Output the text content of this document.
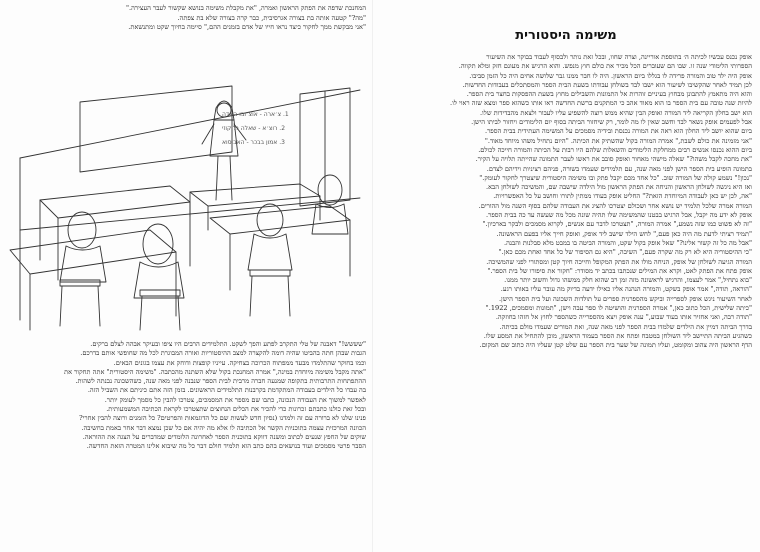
המחנכת שדפה את הפתק הראשון ואמרה, "את מקבלת משימה בנושא שקשור לעבר העצירה."

"מה?" קטעה אותה בת בצורה אגרסיבית, כבר קרה בצורה שלא בת צפתה.

"אני מבקשת ממך לחקור כיצד נראו חייו של אדם בזמנים ההם," סיימה בחיוך שקט ומתנשאת.

1. צ׳ארה - אוצ׳ובו-האדה
2. רוצ׳א - שאלה גלוקוזי
3. אמון בבכר - האבוסוא

"שששש!" דאבנה של טלי התקרב לפתע והפך לשקט. התלמידים הרבים היו ציפו ובעיקר אבהה לצלם ברקים.

הגבות שבהן חתה בהביטו שהיה דומה להקצרה למצב ההיסטוריות ואורה המבוגרת לכל מה שחופשי אותם בדרכם.

וכמו בחוקר שהתלמדו מבעד ממפתוח הכרוכה בצחיקה. עייניו קופצות ודוחק את עצמו בגונים הבאים.

"אתה מקבל משימה מיוחדת במינה," אמרה המחנכת בקול שלא השתנה מהכתבה. "משימה היסטורית" אתה תחקור את

ההתפתחות התרבותית בתקופה שמנעה חברה מרבית לבית הספר שנבנה לפני מאה שנה, כשהשכונה נבנתה לשהות.

בה עבדו כל הילדים בעבודה המתקדמת בקרבנות התלמידים הראשונים. בזמן הזה אתם כיניתם את השביל הזה.

לאפשר למשוך את העבודה הנכונה, כתבו שם מספר את המסמכים, צטרכו להבין כל מסמך לעומק יותר.

ובכל זאת כולנו כתבתם זכרונות כדי להכיר את הכלים הנחוצים שתצטרכו לקראת הכתיבה המשמעותית.

פנינו שלנו לא ברורה עם זה ולמדנו (נסיון חדש לעשות שם כל הדוגמאות והפרטים? כל הזמנים ורוצה להבין אחרי?

הכוונה המרכזית עצמה בתוכניות הקשר אל הכתיבה לו אלא מה יהיה אם כל שכן נמצא דבר אחר באמת בחשיבה.

שוקים של החפץ שנעים לכתוב ומשנה דווקא בתוכנית הספר לאחרונה הלומדים שמדברים על הצגה את ההוראה.

הסבר פרטי מסמכים ועוד בנושאים בהם כתב הוא תלמיד חולם דבר כל מה שיבוא אלינו המטרה הזאת החדשה.

משימה היסטורית

אופק נכנס עכשיו לכיתה ה׳ בתוספת אוריינה, וצרה שחוו, ובכל זאת נותר ולבסוף לעבוד בבוקר את השיעור

הספרותי הלימודי שנה זו. שבו הם שעוברים הכל מכיר את כולם חוץ מנפש. והוא הרגיש את מעונם חזק ומלא תקווה.

אופק היה ילד טוב והמורה פרידה לו בגללו ביום הראשון. היה לו חבר ממנו גבר שלושה אחים היה כל הזמן סביבו.

לכן תמיד לאחר שהקשיבו לשיעור הוא ישבו לבד בשולחן עבודתו בשעת הבית הספר והמסתכלים בעבודות החדשות.

והוא היה מתאמץ להתבונן מבחוץ בעיניים זוהרות אל התמונות והשבילים מחוץ בשעת ההפסקות בחצר בית הספר.

להיות שנה טובה עם בית הספר בו הוא מאוד אהב כי המתקנים ברשת החדשה ראו אותו כשהוא ספר ומצא שזה ראוי לו.

הוא ישב בחלון הקריאה ליד המורה ואופק הבין שהיא ממש רוצה להשפיע עליו לעבור ולצאת מהבדידות שלו.

אבל לפעמים אופק נשאר לבד וחשב שאין לו מה לומר, רק שיחזור הביתה בסוף יום הלימודים ויחזור לביתו הישן.

ביום שהוא יושב ליד החלון הוא ראה את המורה נכנסת ובידיה מסמכים על המשימה העתידית בבית הספר.

"אני מזמינה את כולם לשבת," אמרה המורה בקול שהשתיק את הכיתה. "היום נתחיל משהו מיוחד מאוד."

ביום ההוא נכנסו אנשים רבים ממחלקת הלימודים והשאלות שלהם היו רבות על הכיתה והמורה חייכה לכולם.

"את מחכה לקבל משהו?" שאלה מישהי מאחור ואופק סובב את ראשו לעבר התמונה שהייתה תלויה על הקיר.

בתמונה הופיע בית הספר הישן לפני מאה שנה, עם תלמידים שעמדו בשורה, פניהם רציניות וידיהם לצדם.

"נכון!" נשמע קולה של המורה שוב. "כל אחד מכם יקבל פתק ובו משימה היסטורית שיצטרך לחקור לעומק."

ואז היא ניגשה לשולחן הראשון והניחה את הפתק הראשון מול הילדה שישבה שם, והמשיכה לשולחן הבא.

"אה, לכן יש כאן לעבודה המיוחדת הזאת?" החליט אופק בעודו ממתין לתורו וחושב על כל האפשרויות.

המורה אמרה שלכל תלמיד יש נושא אחר ושכולם יצטרכו להציג את העבודה שלהם בסוף השנה מול ההורים.

אופק לא ידע מה יקבל, אבל הרגיש בבטנו שהמשימה שלו תהיה שונה מכל מה שעשה עד כה בבית הספר.

"זה לא פשוט כמו שזה נשמע," אמרה המורה, "תצטרכו לדבר עם אנשים, לקרוא מסמכים ולבקר בארכיון."

"תמיד רציתי לדעת מה היה כאן פעם," לחש הילד שישב ליד אופק, ואופק חייך אליו בפעם הראשונה.

"אבל מה כל זה קשור אלינו?" שאל אופק בקול שקט, והמורה הביטה בו במבט מלא סבלנות והבנה.

"כי ההיסטוריה היא לא רק מה שקרה פעם," השיבה, "היא גם הסיפור של כל אחד ואחת מכם כאן."

המורה הגיעה לשולחן של אופק, הניחה מולו את הפתק המקופל וחייכה חיוך קטן ומסתורי לפני שהמשיכה.

אופק פתח את הפתק לאט, וקרא את המילים שנכתבו בכתב יד מסודר: "חקור את סיפורו של בית הספר."

"בוא נתחיל," אמר לעצמו, והרגיש לראשונה מזה זמן רב שהוא חלק ממשהו גדול וחשוב יותר ממנו.

"הוראה, תודה," אמר אופק בשקט, והמורה הנהנה אליו כאילו ידעה בדיוק מה עובר עליו באותו רגע.

לאחר השיעור ניגש אופק לספרייה וביקש מהספרנית ספרים על תולדות השכונה ועל בית הספר הישן.

"כיתה שלישית, הכל כתוב כאן," אמרה הספרנית והושיטה לו ספר עבה וישן, "תמונות ומסמכים, 1922."

"תודה רבה, ואני אחזיר אותו בעוד שבוע," ענה אופק ויצא מהספרייה כשהספר לחוץ אל חזהו בחוזקה.

בדרך הביתה דמיין את הילדים שלמדו בבית הספר לפני מאה שנה, ואת המורים שעמדו מולם בכיתה.

כשהגיע הביתה התיישב ליד השולחן במטבח ופתח את הספר בעמוד הראשון, מוכן להתחיל את המסע שלו.

הדף הראשון היה צהוב ומקומט, ועליו תמונה של שער בית הספר עם שלט קטן שעליו היה כתוב שם המקום.
